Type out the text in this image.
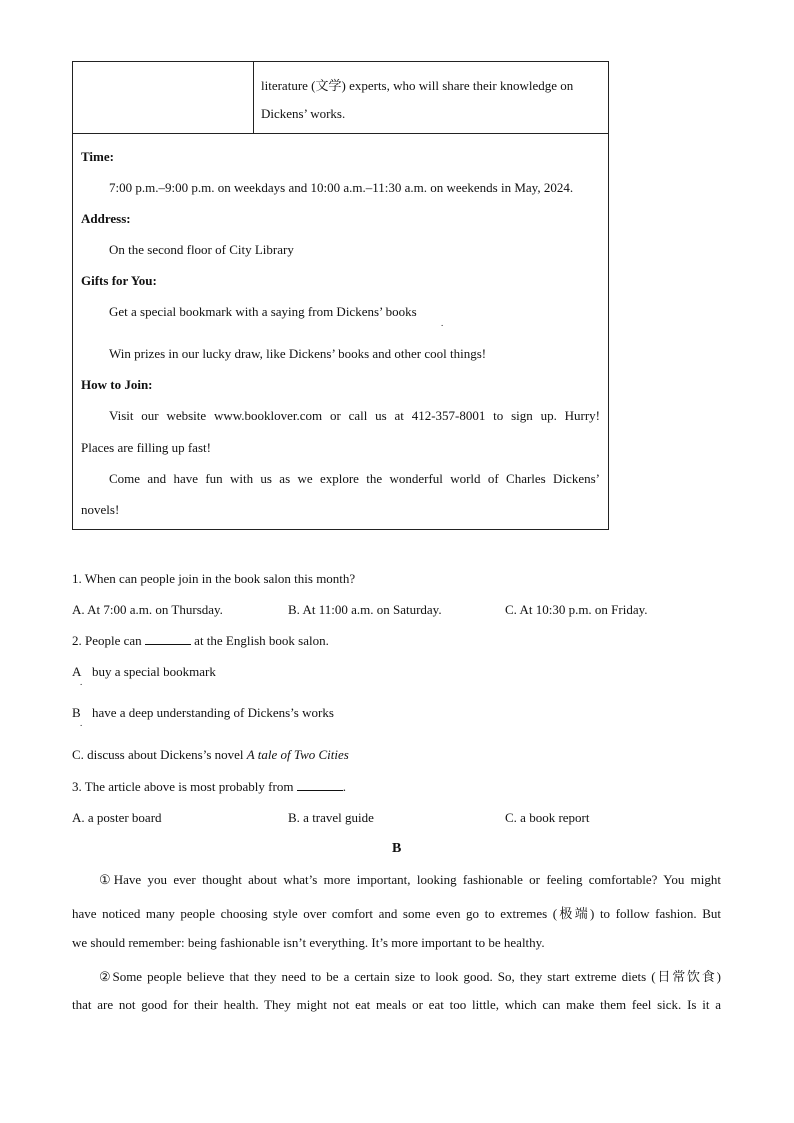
literature (文学) experts, who will share their knowledge on
Dickens’ works.
Time:
7:00 p.m.–9:00 p.m. on weekdays and 10:00 a.m.–11:30 a.m. on weekends in May, 2024.
Address:
On the second floor of City Library
Gifts for You:
Get a special bookmark with a saying from Dickens’ books
.
Win prizes in our lucky draw, like Dickens’ books and other cool things!
How to Join:
Visit our website www.booklover.com or call us at 412-357-8001 to sign up. Hurry!
Places are filling up fast!
Come and have fun with us as we explore the wonderful world of Charles Dickens’
novels!
1. When can people join in the book salon this month?
A. At 7:00 a.m. on Thursday.	B. At 11:00 a.m. on Saturday.	C. At 10:30 p.m. on Friday.
2. People can	at the English book salon.
A
.
buy a special bookmark
B
.
have a deep understanding of Dickens’s works
C. discuss about Dickens’s novel A tale of Two Cities
3. The article above is most probably from	.
A. a poster board	B. a travel guide	C. a book report
B
①Have you ever thought about what’s more important, looking fashionable or feeling comfortable? You might
have noticed many people choosing style over comfort and some even go to extremes (极端) to follow fashion. But
we should remember: being fashionable isn’t everything. It’s more important to be healthy.
②Some people believe that they need to be a certain size to look good. So, they start extreme diets (日常饮食)
that are not good for their health. They might not eat meals or eat too little, which can make them feel sick. Is it a
